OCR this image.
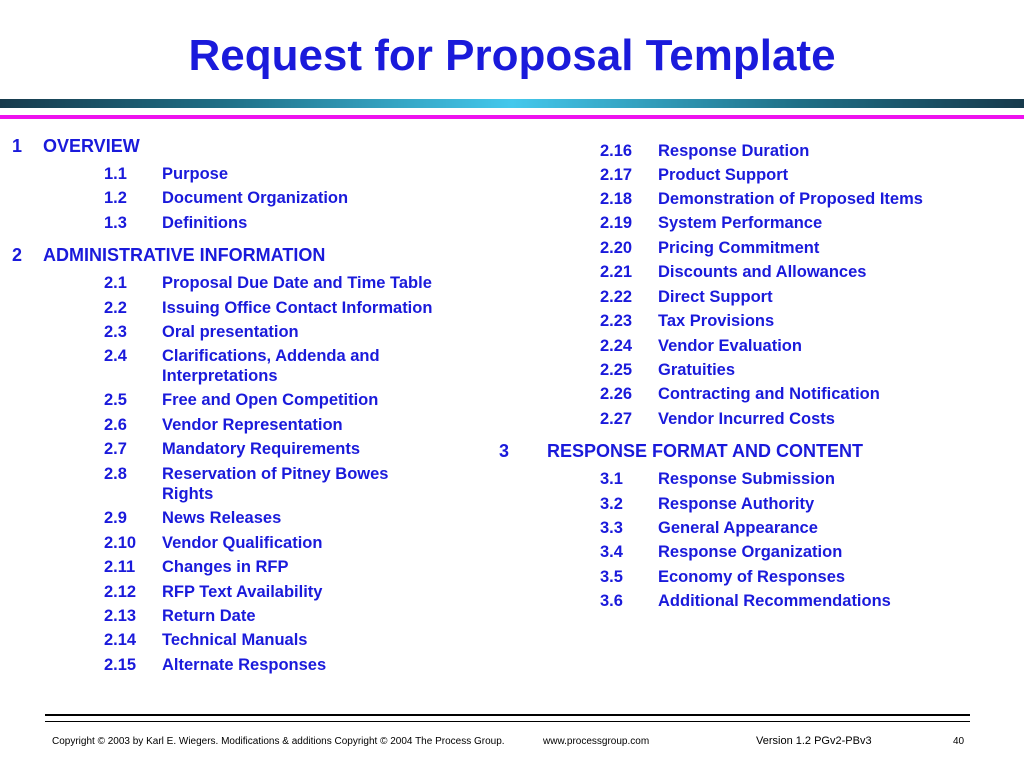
Request for Proposal Template
1 OVERVIEW
1.1 Purpose
1.2 Document Organization
1.3 Definitions
2 ADMINISTRATIVE INFORMATION
2.1 Proposal Due Date and Time Table
2.2 Issuing Office Contact Information
2.3 Oral presentation
2.4 Clarifications, Addenda and
Interpretations
2.5 Free and Open Competition
2.6 Vendor Representation
2.7 Mandatory Requirements
2.8 Reservation of Pitney Bowes
Rights
2.9 News Releases
2.10 Vendor Qualification
2.11 Changes in RFP
2.12 RFP Text Availability
2.13 Return Date
2.14 Technical Manuals
2.15 Alternate Responses
2.16 Response Duration
2.17 Product Support
2.18 Demonstration of Proposed Items
2.19 System Performance
2.20 Pricing Commitment
2.21 Discounts and Allowances
2.22 Direct Support
2.23 Tax Provisions
2.24 Vendor Evaluation
2.25 Gratuities
2.26 Contracting and Notification
2.27 Vendor Incurred Costs
3 RESPONSE FORMAT AND CONTENT
3.1 Response Submission
3.2 Response Authority
3.3 General Appearance
3.4 Response Organization
3.5 Economy of Responses
3.6 Additional Recommendations
Copyright © 2003 by Karl E. Wiegers. Modifications & additions Copyright © 2004 The Process Group.	www.processgroup.com	Version 1.2 PGv2-PBv3	40
